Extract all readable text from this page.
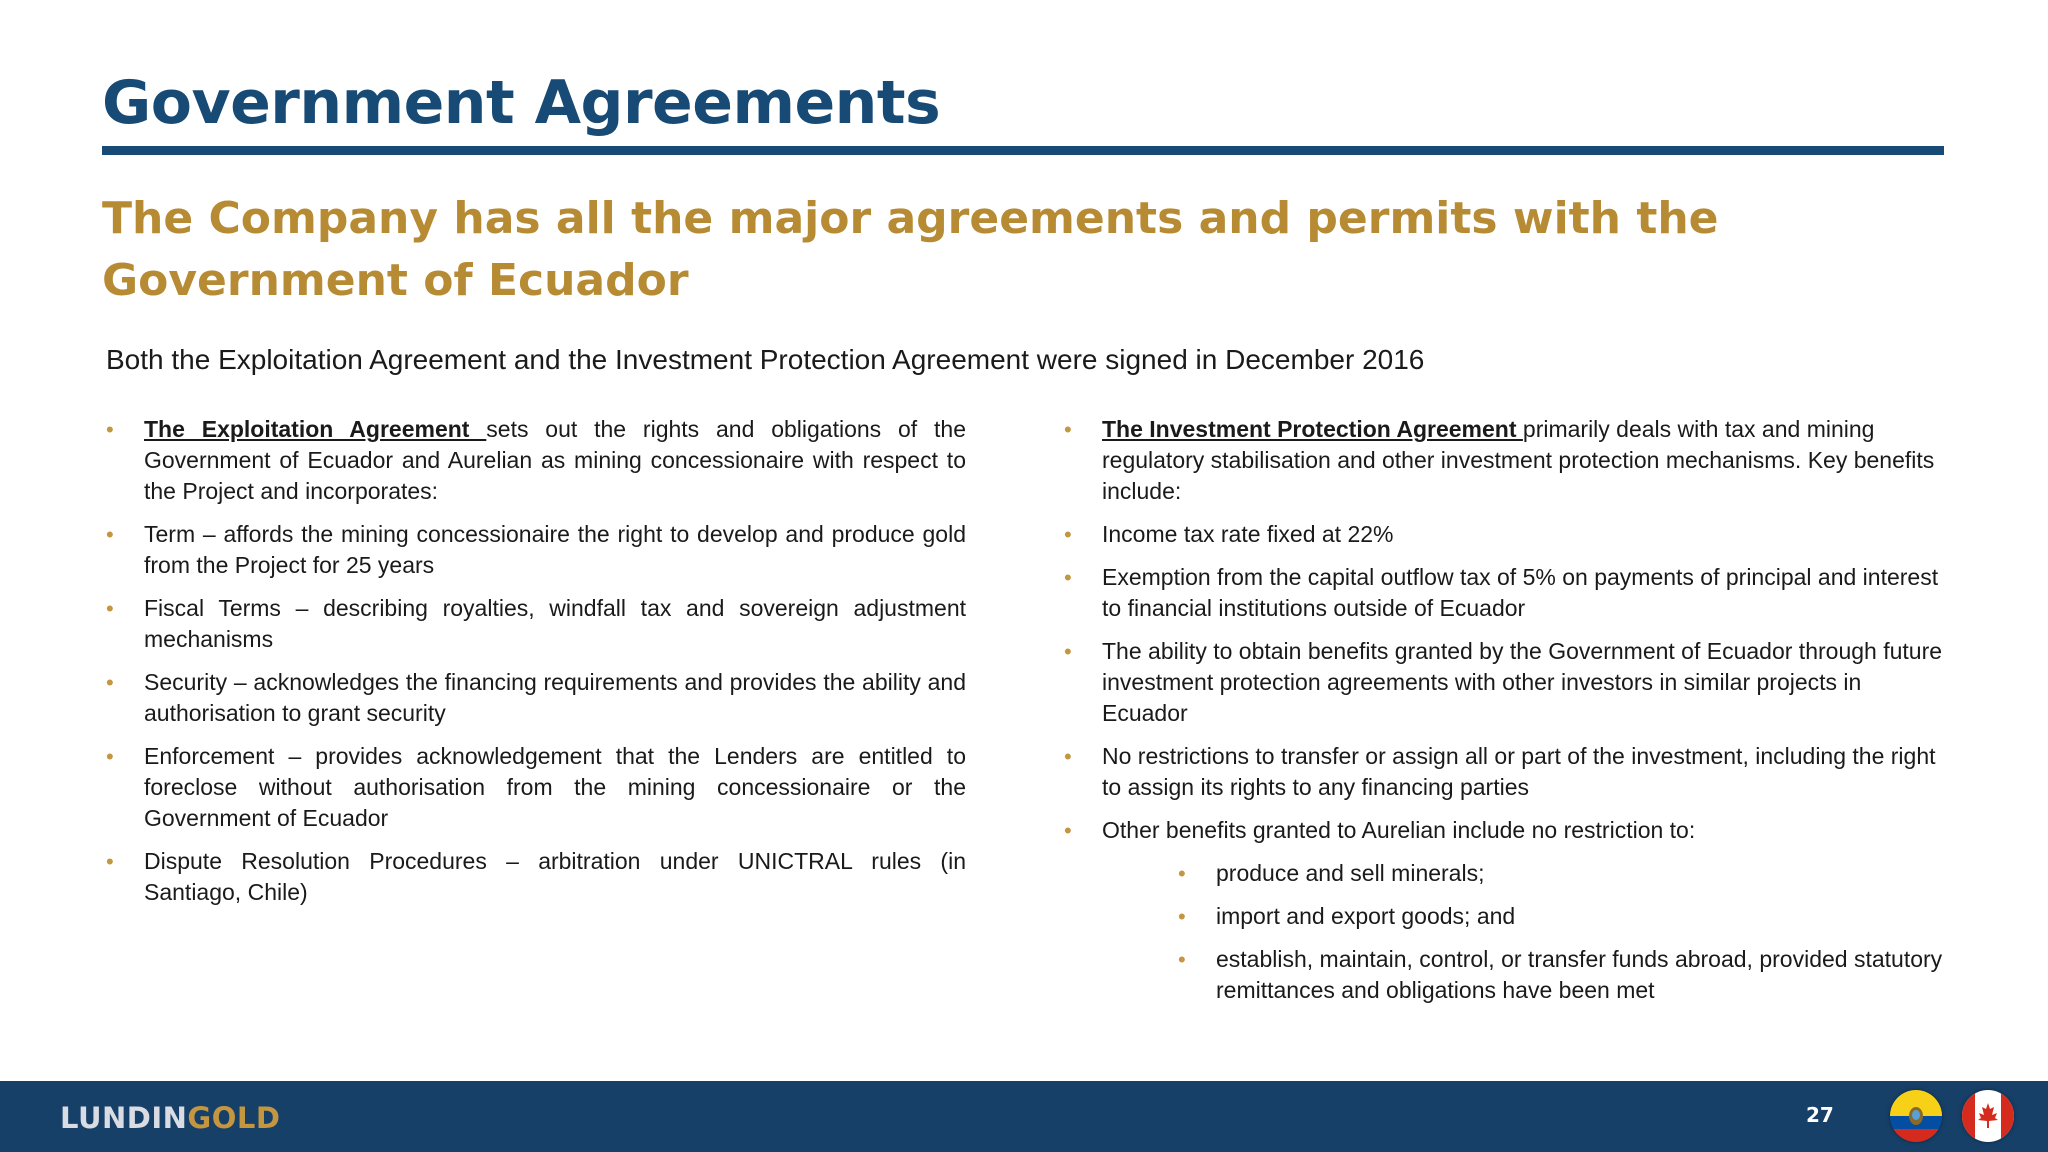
Government Agreements
The Company has all the major agreements and permits with the Government of Ecuador
Both the Exploitation Agreement and the Investment Protection Agreement were signed in December 2016
• The Exploitation Agreement sets out the rights and obligations of the Government of Ecuador and Aurelian as mining concessionaire with respect to the Project and incorporates:
• Term – affords the mining concessionaire the right to develop and produce gold from the Project for 25 years
• Fiscal Terms – describing royalties, windfall tax and sovereign adjustment mechanisms
• Security – acknowledges the financing requirements and provides the ability and authorisation to grant security
• Enforcement – provides acknowledgement that the Lenders are entitled to foreclose without authorisation from the mining concessionaire or the Government of Ecuador
• Dispute Resolution Procedures – arbitration under UNICTRAL rules (in Santiago, Chile)
• The Investment Protection Agreement primarily deals with tax and mining regulatory stabilisation and other investment protection mechanisms. Key benefits include:
• Income tax rate fixed at 22%
• Exemption from the capital outflow tax of 5% on payments of principal and interest to financial institutions outside of Ecuador
• The ability to obtain benefits granted by the Government of Ecuador through future investment protection agreements with other investors in similar projects in Ecuador
• No restrictions to transfer or assign all or part of the investment, including the right to assign its rights to any financing parties
• Other benefits granted to Aurelian include no restriction to:
• produce and sell minerals;
• import and export goods; and
• establish, maintain, control, or transfer funds abroad, provided statutory remittances and obligations have been met
LUNDINGOLD	27
